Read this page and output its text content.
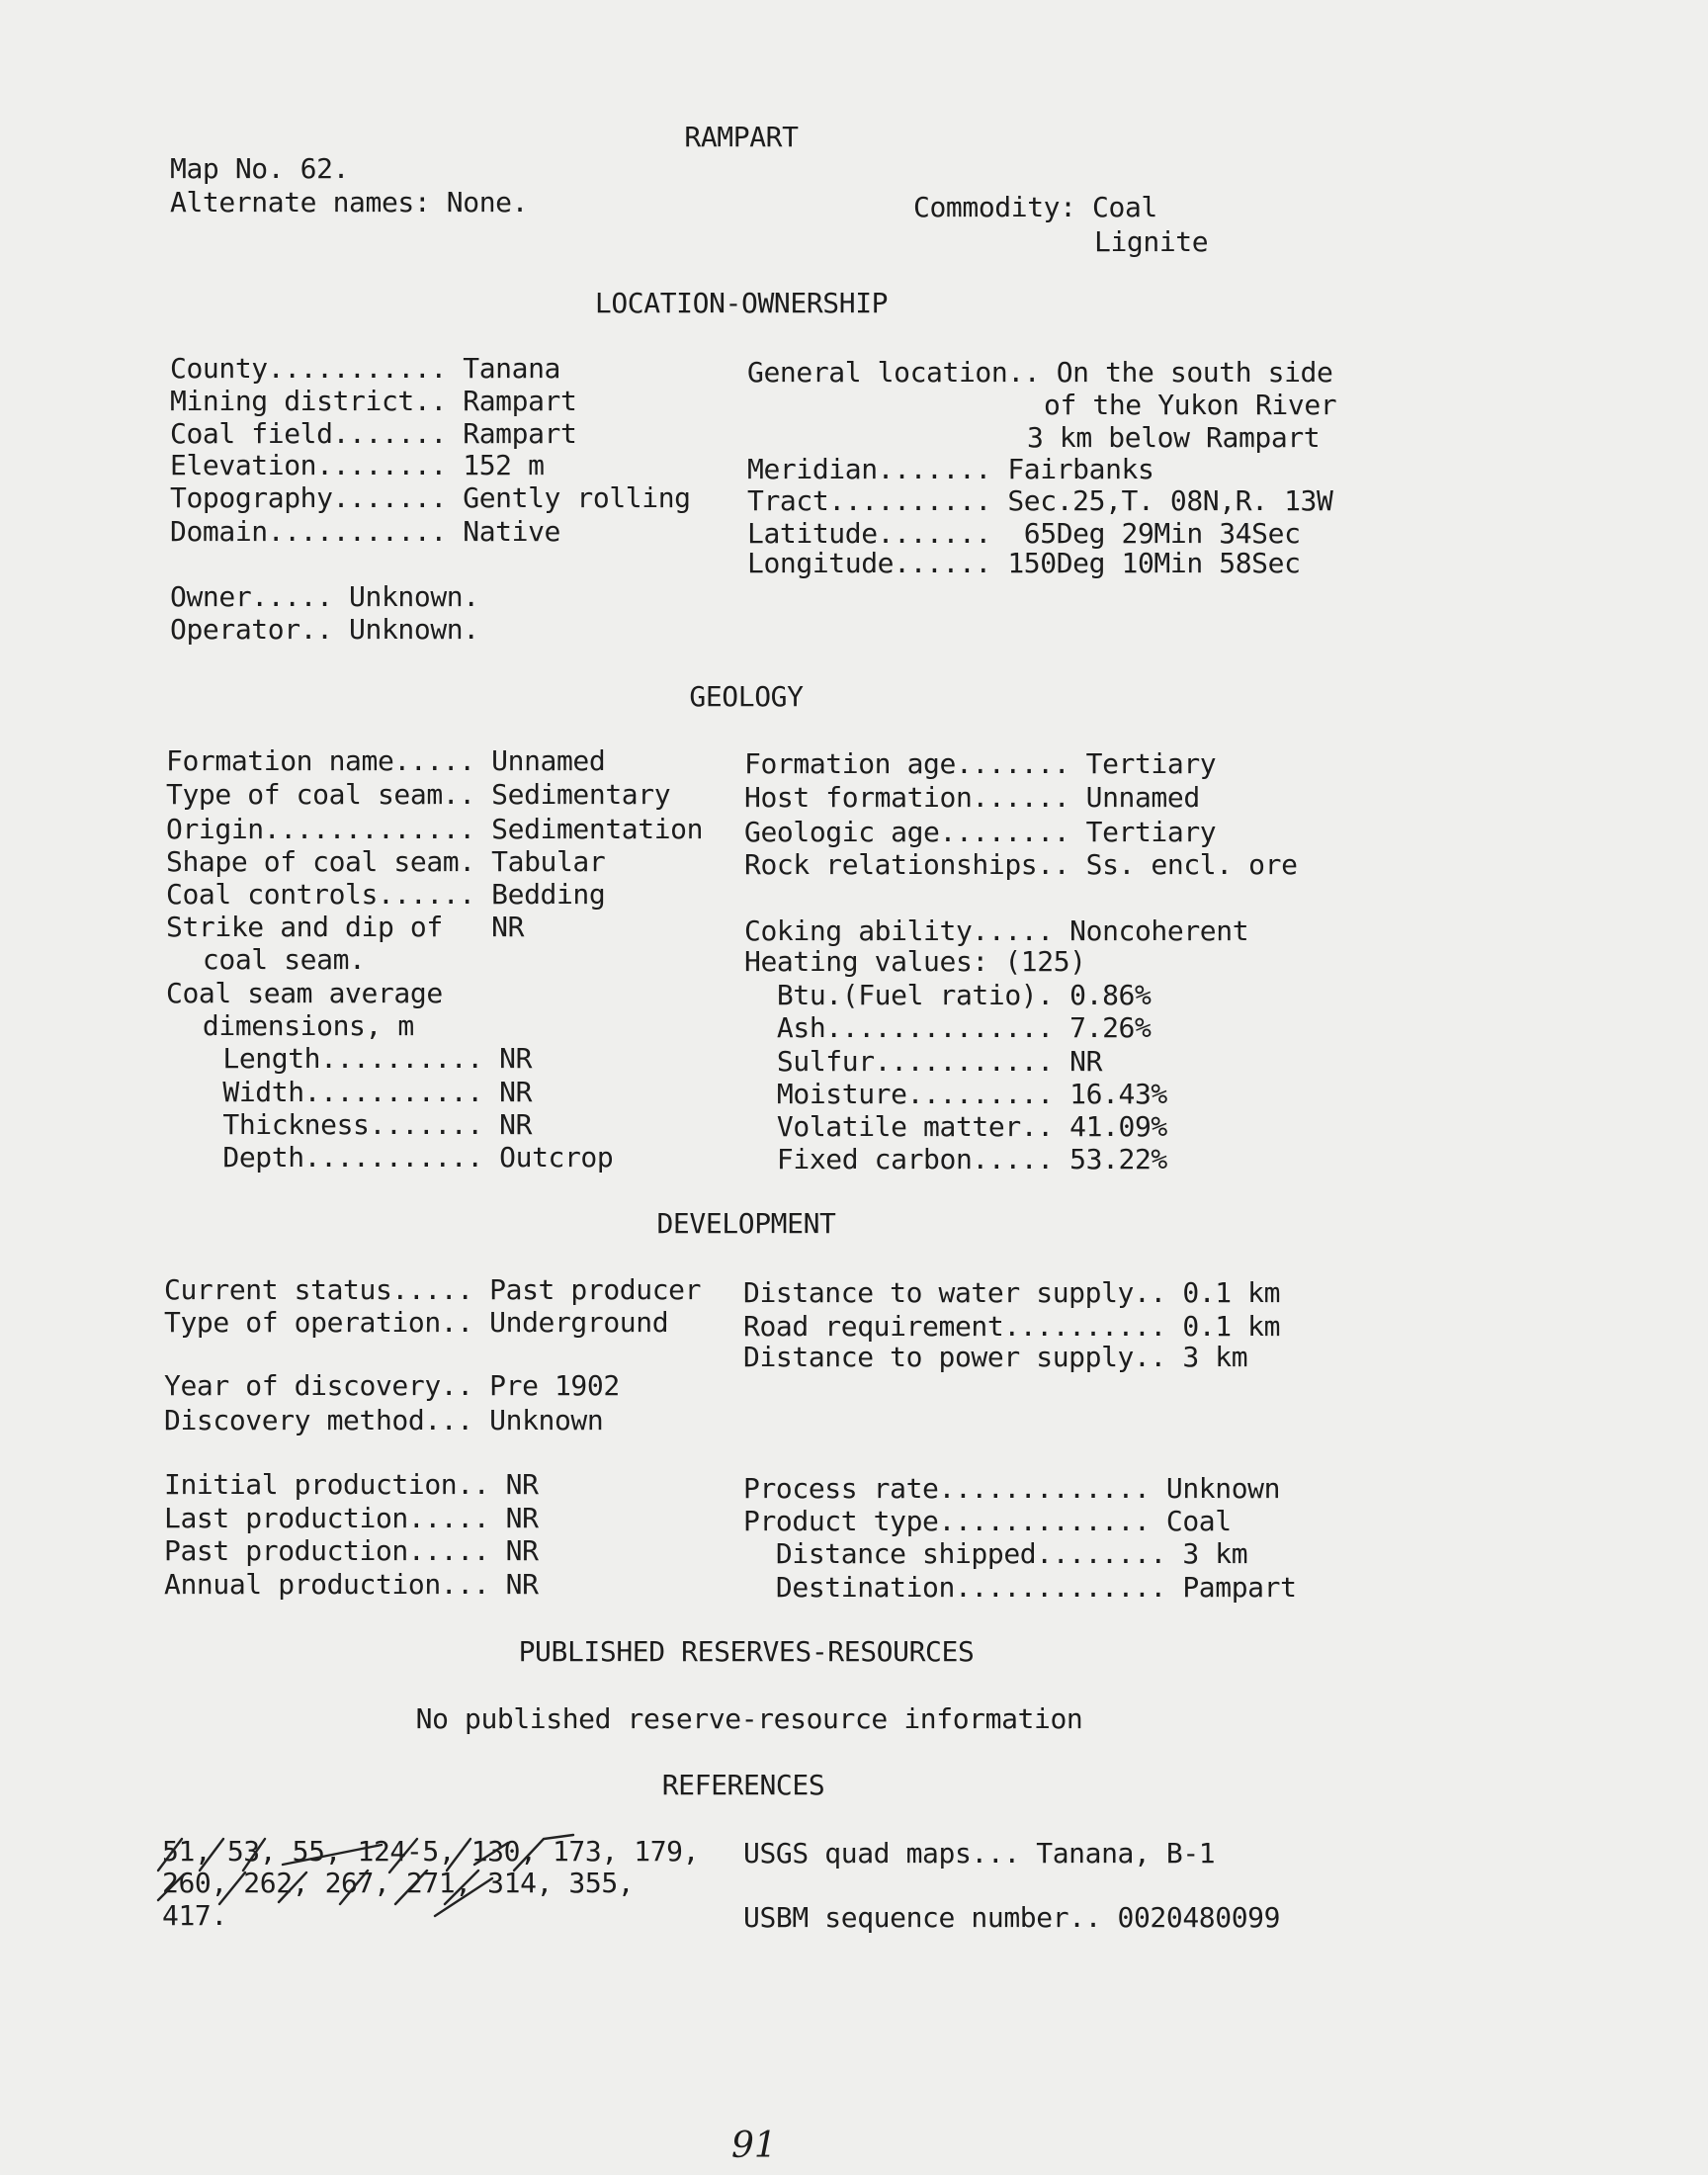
RAMPART
Map No. 62.
Alternate names: None.	Commodity: Coal
Lignite
LOCATION-OWNERSHIP
County........... Tanana
Mining district.. Rampart
Coal field....... Rampart
Elevation........ 152 m
Topography....... Gently rolling
Domain........... Native
General location.. On the south side
of the Yukon River
3 km below Rampart
Meridian....... Fairbanks
Tract.......... Sec.25,T. 08N,R. 13W
Latitude.......  65Deg 29Min 34Sec
Longitude...... 150Deg 10Min 58Sec
Owner..... Unknown.
Operator.. Unknown.
GEOLOGY
Formation name..... Unnamed
Type of coal seam.. Sedimentary
Origin............. Sedimentation
Shape of coal seam. Tabular
Coal controls...... Bedding
Strike and dip of   NR
coal seam.
Coal seam average
dimensions, m
Length.......... NR
Width........... NR
Thickness....... NR
Depth........... Outcrop
Formation age....... Tertiary
Host formation...... Unnamed
Geologic age........ Tertiary
Rock relationships.. Ss. encl. ore
Coking ability..... Noncoherent
Heating values: (125)
Btu.(Fuel ratio). 0.86%
Ash.............. 7.26%
Sulfur........... NR
Moisture......... 16.43%
Volatile matter.. 41.09%
Fixed carbon..... 53.22%
DEVELOPMENT
Current status..... Past producer
Type of operation.. Underground
Year of discovery.. Pre 1902
Discovery method... Unknown
Distance to water supply.. 0.1 km
Road requirement.......... 0.1 km
Distance to power supply.. 3 km
Initial production.. NR
Last production..... NR
Past production..... NR
Annual production... NR
Process rate............. Unknown
Product type............. Coal
Distance shipped........ 3 km
Destination............. Pampart
PUBLISHED RESERVES-RESOURCES
No published reserve-resource information
REFERENCES
51, 53, 55, 124-5, 130, 173, 179,
260, 262, 267, 271, 314, 355,
417.
USGS quad maps... Tanana, B-1
USBM sequence number.. 0020480099
91
